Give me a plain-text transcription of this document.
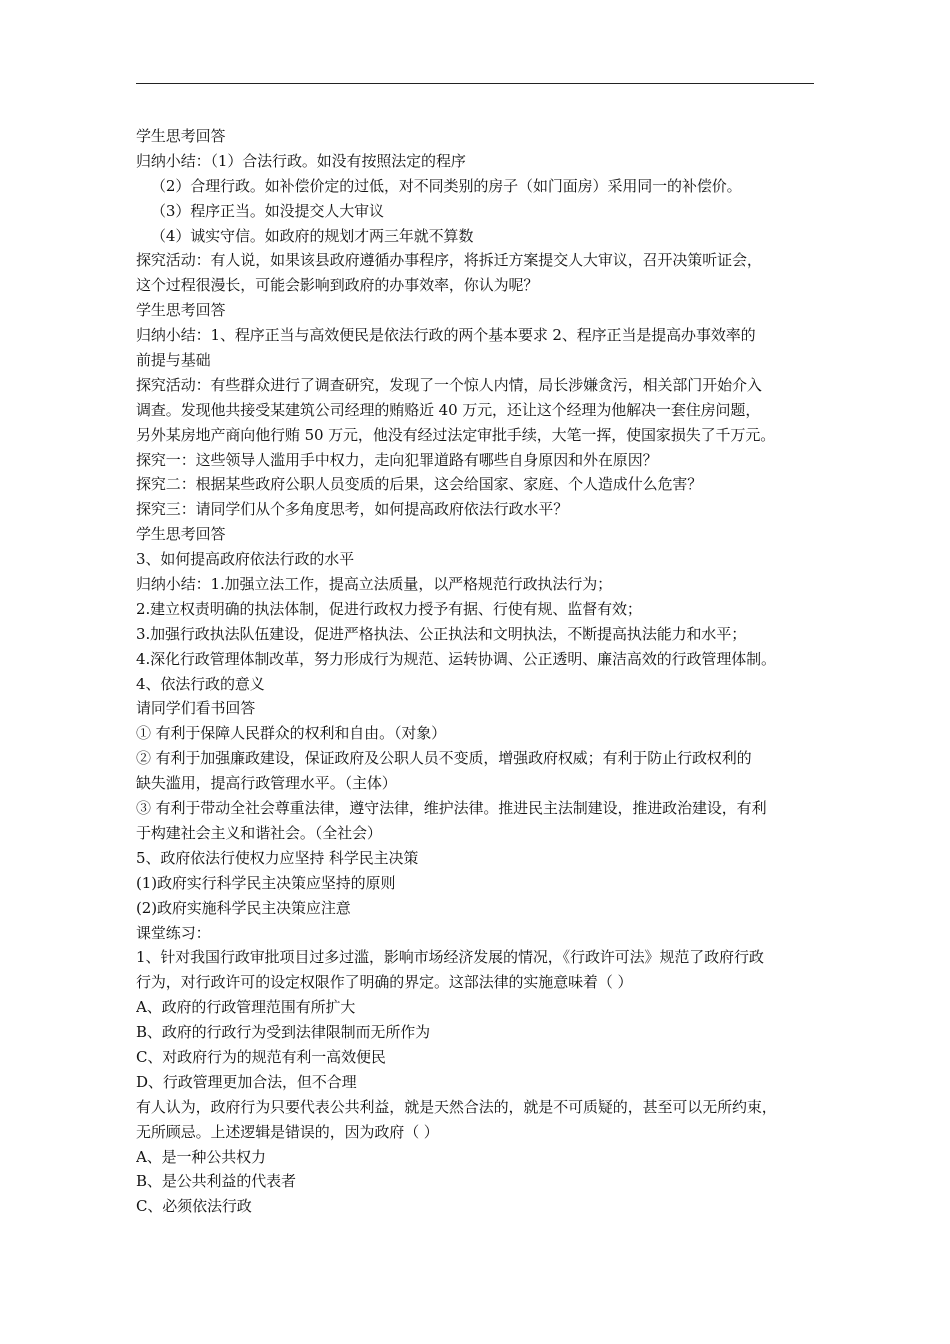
学生思考回答
归纳小结：（1）合法行政。如没有按照法定的程序
（2）合理行政。如补偿价定的过低，对不同类别的房子（如门面房）采用同一的补偿价。
（3）程序正当。如没提交人大审议
（4）诚实守信。如政府的规划才两三年就不算数
探究活动：有人说，如果该县政府遵循办事程序，将拆迁方案提交人大审议，召开决策听证会，
这个过程很漫长，可能会影响到政府的办事效率，你认为呢？
学生思考回答
归纳小结：1、程序正当与高效便民是依法行政的两个基本要求 2、程序正当是提高办事效率的
前提与基础
探究活动：有些群众进行了调查研究，发现了一个惊人内情，局长涉嫌贪污，相关部门开始介入
调查。发现他共接受某建筑公司经理的贿赂近 40 万元，还让这个经理为他解决一套住房问题，
另外某房地产商向他行贿 50 万元，他没有经过法定审批手续，大笔一挥，使国家损失了千万元。
探究一：这些领导人滥用手中权力，走向犯罪道路有哪些自身原因和外在原因？
探究二：根据某些政府公职人员变质的后果，这会给国家、家庭、个人造成什么危害？
探究三：请同学们从个多角度思考，如何提高政府依法行政水平？
学生思考回答
3、如何提高政府依法行政的水平
归纳小结：1.加强立法工作，提高立法质量，以严格规范行政执法行为；
2.建立权责明确的执法体制，促进行政权力授予有据、行使有规、监督有效；
3.加强行政执法队伍建设，促进严格执法、公正执法和文明执法，不断提高执法能力和水平；
4.深化行政管理体制改革，努力形成行为规范、运转协调、公正透明、廉洁高效的行政管理体制。
4、依法行政的意义
请同学们看书回答
① 有利于保障人民群众的权利和自由。（对象）
② 有利于加强廉政建设，保证政府及公职人员不变质，增强政府权威；有利于防止行政权利的
缺失滥用，提高行政管理水平。（主体）
③ 有利于带动全社会尊重法律，遵守法律，维护法律。推进民主法制建设，推进政治建设，有利
于构建社会主义和谐社会。（全社会）
5、政府依法行使权力应坚持 科学民主决策
(1)政府实行科学民主决策应坚持的原则
(2)政府实施科学民主决策应注意
课堂练习：
1、针对我国行政审批项目过多过滥，影响市场经济发展的情况，《行政许可法》规范了政府行政
行为，对行政许可的设定权限作了明确的界定。这部法律的实施意味着（ ）
A、政府的行政管理范围有所扩大
B、政府的行政行为受到法律限制而无所作为
C、对政府行为的规范有利一高效便民
D、行政管理更加合法，但不合理
有人认为，政府行为只要代表公共利益，就是天然合法的，就是不可质疑的，甚至可以无所约束，
无所顾忌。上述逻辑是错误的，因为政府（ ）
A、是一种公共权力
B、是公共利益的代表者
C、必须依法行政
